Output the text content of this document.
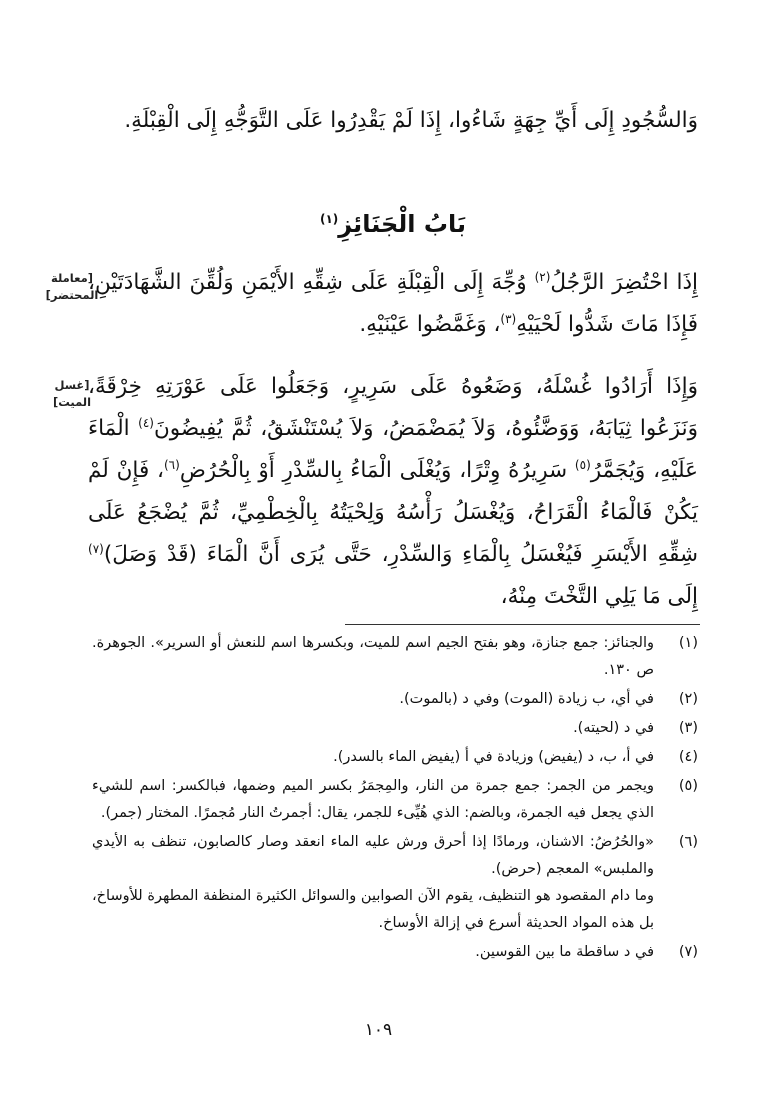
وَالسُّجُودِ إِلَى أَيِّ جِهَةٍ شَاءُوا، إِذَا لَمْ يَقْدِرُوا عَلَى التَّوَجُّهِ إِلَى الْقِبْلَةِ.

بَابُ الْجَنَائِزِ$^{(١)}$
[معاملة المحتضر]	إِذَا احْتُضِرَ الرَّجُلُ$^{(٢)}$ وُجِّهَ إِلَى الْقِبْلَةِ عَلَى شِقِّهِ الأَيْمَنِ وَلُقِّنَ الشَّهَادَتَيْنِ، فَإِذَا مَاتَ شَدُّوا لَحْيَيْهِ$^{(٣)}$، وَغَمَّضُوا عَيْنَيْهِ.

[غسل الميت]

وَإِذَا أَرَادُوا غُسْلَهُ، وَضَعُوهُ عَلَى سَرِيرٍ، وَجَعَلُوا عَلَى عَوْرَتِهِ خِرْقَةً، وَنَزَعُوا ثِيَابَهُ، وَوَضَّئُوهُ، وَلاَ يُمَضْمَضُ، وَلاَ يُسْتَنْشَقُ، ثُمَّ يُفِيضُونَ$^{(٤)}$ الْمَاءَ عَلَيْهِ، وَيُجَمَّرُ$^{(٥)}$ سَرِيرُهُ وِتْرًا، وَيُغْلَى الْمَاءُ بِالسِّدْرِ أَوْ بِالْحُرُضِ$^{(٦)}$، فَإِنْ لَمْ يَكُنْ فَالْمَاءُ الْقَرَاحُ، وَيُغْسَلُ رَأْسُهُ وَلِحْيَتُهُ بِالْخِطْمِيِّ، ثُمَّ يُضْجَعُ عَلَى شِقِّهِ الأَيْسَرِ فَيُغْسَلُ بِالْمَاءِ وَالسِّدْرِ، حَتَّى يُرَى أَنَّ الْمَاءَ (قَدْ وَصَلَ)$^{(٧)}$ إِلَى مَا يَلِي التَّخْتَ مِنْهُ،

(١)
والجنائز: جمع جنازة، وهو بفتح الجيم اسم للميت، وبكسرها اسم للنعش أو السرير». الجوهرة. ص ١٣٠.
(٢)
في أي، ب زيادة (الموت) وفي د (بالموت).
(٣)
في د (لحيته).
(٤)
في أ، ب، د (يفيض) وزيادة في أ (يفيض الماء بالسدر).
(٥)
ويجمر من الجمر: جمع جمرة من النار، والمِجمَرُ بكسر الميم وضمها، فبالكسر: اسم للشيء الذي يجعل فيه الجمرة، وبالضم: الذي هُيِّىء للجمر، يقال: أجمرتُ النار مُجمرًا. المختار (جمر).
(٦)
«والحُرُضُ: الاشنان، ورمادًا إذا أحرق ورش عليه الماء انعقد وصار كالصابون، تنظف به الأيدي والملبس» المعجم (حرض).
وما دام المقصود هو التنظيف، يقوم الآن الصوابين والسوائل الكثيرة المنظفة المطهرة للأوساخ، بل هذه المواد الحديثة أسرع في إزالة الأوساخ.
(٧)
في د ساقطة ما بين القوسين.
١٠٩
